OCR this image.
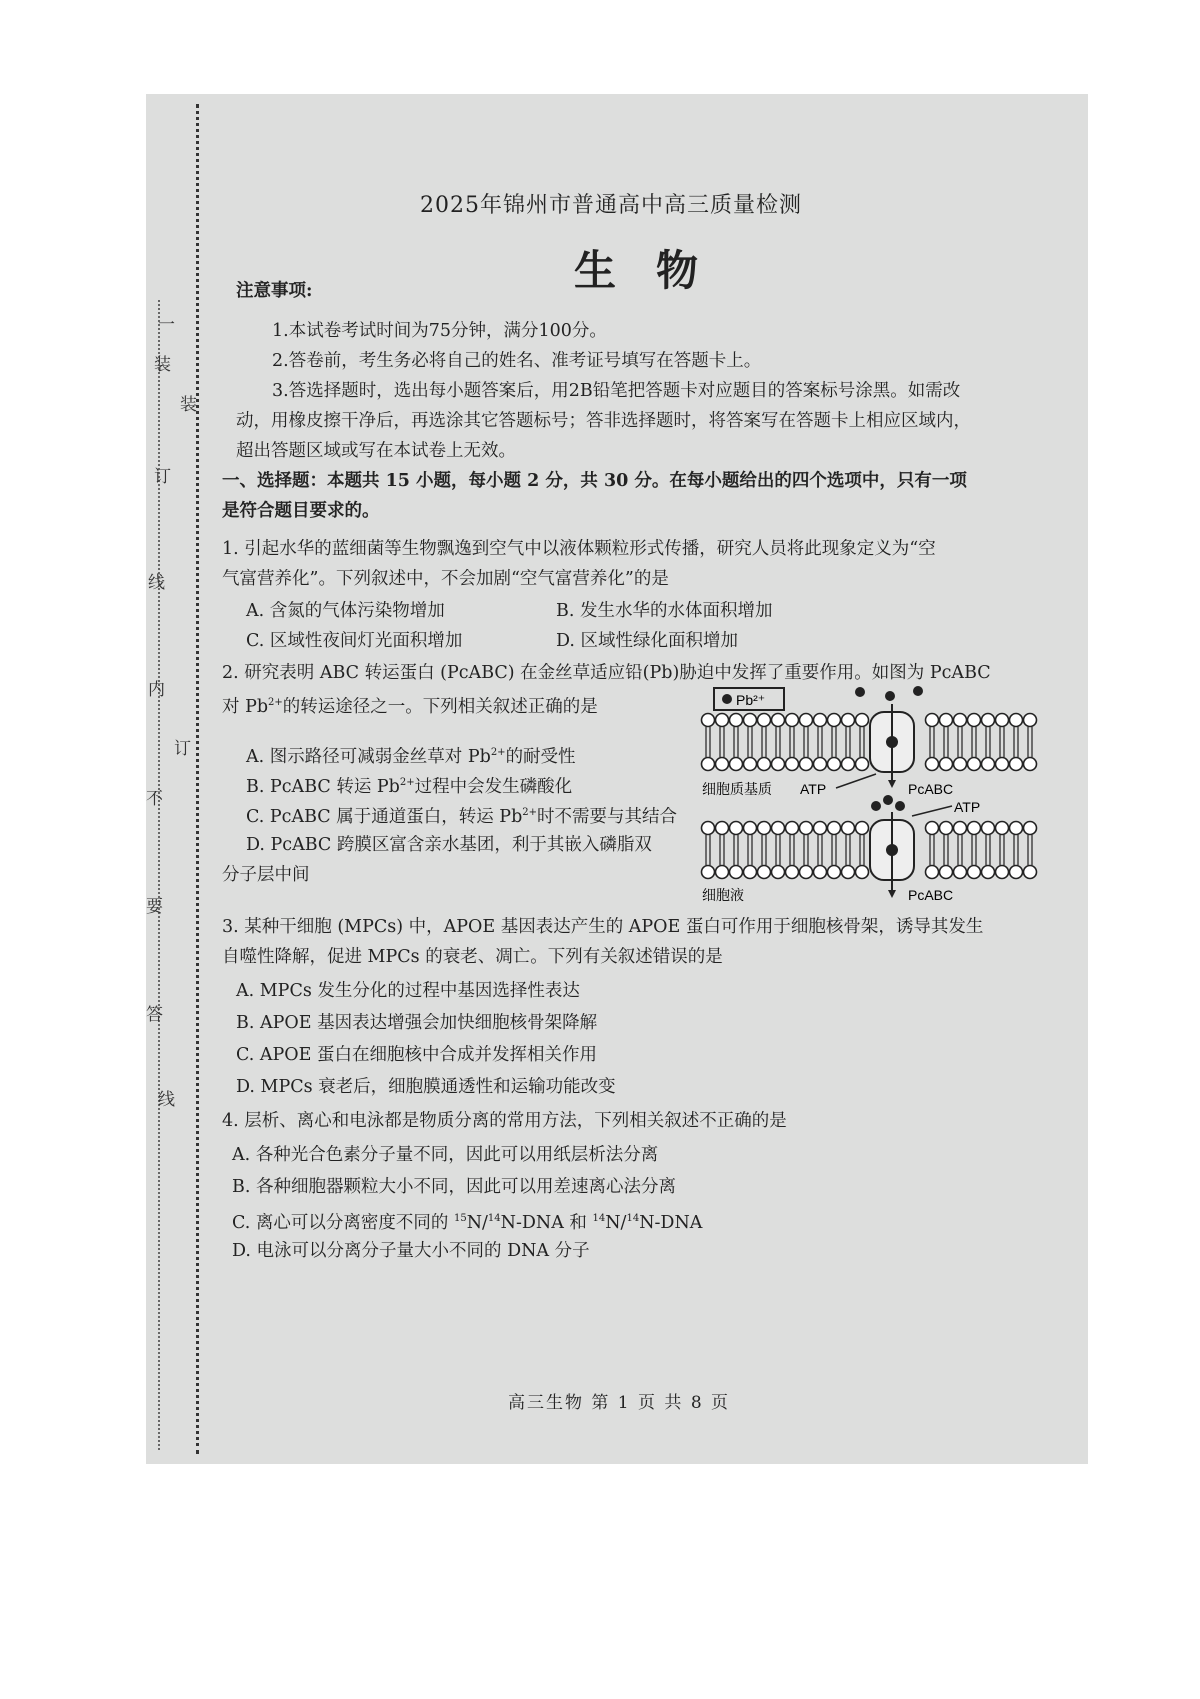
一
装
装
订
线
内
订
不
要
答
线
2025年锦州市普通高中高三质量检测
生物
注意事项:
1.本试卷考试时间为75分钟，满分100分。
2.答卷前，考生务必将自己的姓名、准考证号填写在答题卡上。
3.答选择题时，选出每小题答案后，用2B铅笔把答题卡对应题目的答案标号涂黑。如需改
动，用橡皮擦干净后，再选涂其它答题标号；答非选择题时，将答案写在答题卡上相应区域内，
超出答题区域或写在本试卷上无效。
一、选择题：本题共 15 小题，每小题 2 分，共 30 分。在每小题给出的四个选项中，只有一项
是符合题目要求的。
1. 引起水华的蓝细菌等生物飘逸到空气中以液体颗粒形式传播，研究人员将此现象定义为“空
气富营养化”。下列叙述中，不会加剧“空气富营养化”的是
A. 含氮的气体污染物增加	B. 发生水华的水体面积增加
C. 区域性夜间灯光面积增加	D. 区域性绿化面积增加
2. 研究表明 ABC 转运蛋白 (PcABC) 在金丝草适应铅(Pb)胁迫中发挥了重要作用。如图为 PcABC
对 $Pb^{2+}$的转运途径之一。下列相关叙述正确的是
A. 图示路径可减弱金丝草对 $Pb^{2+}$的耐受性
B. PcABC 转运 $Pb^{2+}$过程中会发生磷酸化
C. PcABC 属于通道蛋白，转运 $Pb^{2+}$时不需要与其结合
D. PcABC 跨膜区富含亲水基团，利于其嵌入磷脂双
分子层中间
Pb²⁺
细胞质基质 ATP	PcABC
ATP
细胞液	PcABC
3. 某种干细胞 (MPCs) 中，APOE 基因表达产生的 APOE 蛋白可作用于细胞核骨架，诱导其发生
自噬性降解，促进 MPCs 的衰老、凋亡。下列有关叙述错误的是
A. MPCs 发生分化的过程中基因选择性表达
B. APOE 基因表达增强会加快细胞核骨架降解
C. APOE 蛋白在细胞核中合成并发挥相关作用
D. MPCs 衰老后，细胞膜通透性和运输功能改变
4. 层析、离心和电泳都是物质分离的常用方法，下列相关叙述不正确的是
A. 各种光合色素分子量不同，因此可以用纸层析法分离
B. 各种细胞器颗粒大小不同，因此可以用差速离心法分离
C. 离心可以分离密度不同的 $^{15}$N/$^{14}$N-DNA 和 $^{14}$N/$^{14}$N-DNA
D. 电泳可以分离分子量大小不同的 DNA 分子
高三生物 第 1 页 共 8 页
